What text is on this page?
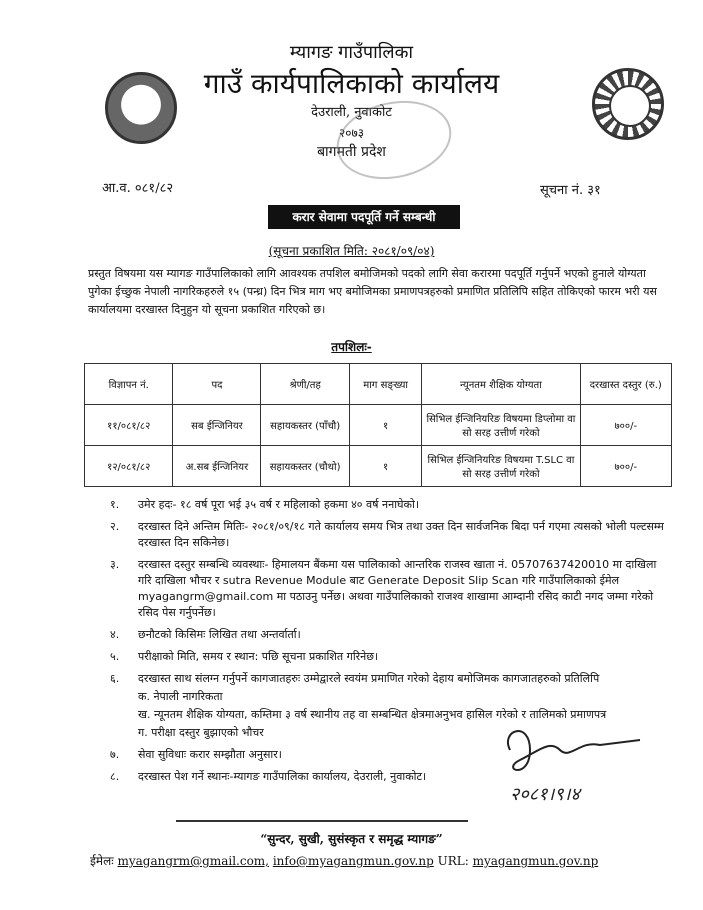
म्यागङ गाउँपालिका
गाउँ कार्यपालिकाको कार्यालय
देउराली, नुवाकोट
२०७३
बागमती प्रदेश
आ.व. ०८१/८२	सूचना नं. ३१
करार सेवामा पदपूर्ति गर्ने सम्बन्धी
(सूचना प्रकाशित मिति: २०८१/०९/०४)
प्रस्तुत विषयमा यस म्यागङ गाउँपालिकाको लागि आवश्यक तपशिल बमोजिमको पदको लागि सेवा करारमा पदपूर्ति गर्नुपर्ने भएको हुनाले योग्यता पुगेका ईच्छुक नेपाली नागरिकहरुले १५ (पन्ध्र) दिन भित्र माग भए बमोजिमका प्रमाणपत्रहरुको प्रमाणित प्रतिलिपि सहित तोकिएको फारम भरी यस कार्यालयमा दरखास्त दिनुहुन यो सूचना प्रकाशित गरिएको छ।
तपशिलः-
विज्ञापन नं.	पद	श्रेणी/तह	माग सङ्ख्या	न्यूनतम शैक्षिक योग्यता	दरखास्त दस्तुर (रु.)
११/०८१/८२	सब ईन्जिनियर	सहायकस्तर (पाँचौ)	१	सिभिल ईन्जिनियरिङ विषयमा डिप्लोमा वा सो सरह उत्तीर्ण गरेको	७००/-
१२/०८१/८२	अ.सब ईन्जिनियर	सहायकस्तर (चौथो)	१	सिभिल ईन्जिनियरिङ विषयमा T.SLC वा सो सरह उत्तीर्ण गरेको	७००/-
१.	उमेर हदः- १८ वर्ष पूरा भई ३५ वर्ष र महिलाको हकमा ४० वर्ष ननाघेको।
२.	दरखास्त दिने अन्तिम मितिः- २०८१/०९/१८ गते कार्यालय समय भित्र तथा उक्त दिन सार्वजनिक बिदा पर्न गएमा त्यसको भोली पल्टसम्म दरखास्त दिन सकिनेछ।
३.	दरखास्त दस्तुर सम्बन्धि व्यवस्थाः- हिमालयन बैंकमा यस पालिकाको आन्तरिक राजस्व खाता नं. 05707637420010 मा दाखिला गरि दाखिला भौचर र sutra Revenue Module बाट Generate Deposit Slip Scan गरि गाउँपालिकाको ईमेल myagangrm@gmail.com मा पठाउनु पर्नेछ। अथवा गाउँपालिकाको राजश्व शाखामा आम्दानी रसिद काटी नगद जम्मा गरेको रसिद पेस गर्नुपर्नेछ।
४.	छनौटको किसिमः लिखित तथा अन्तर्वार्ता।
५.	परीक्षाको मिति, समय र स्थान: पछि सूचना प्रकाशित गरिनेछ।
६.	दरखास्त साथ संलग्न गर्नुपर्ने कागजातहरुः उम्मेद्वारले स्वयंम प्रमाणित गरेको देहाय बमोजिमक कागजातहरुको प्रतिलिपि
क. नेपाली नागरिकता
ख. न्यूनतम शैक्षिक योग्यता, कम्तिमा ३ वर्ष स्थानीय तह वा सम्बन्धित क्षेत्रमाअनुभव हासिल गरेको र तालिमको प्रमाणपत्र
ग. परीक्षा दस्तुर बुझाएको भौचर
७.	सेवा सुविधाः करार सम्झौता अनुसार।
८.	दरखास्त पेश गर्ने स्थानः-म्यागङ गाउँपालिका कार्यालय, देउराली, नुवाकोट।
२०८१।९।४
“सुन्दर, सुखी, सुसंस्कृत र समृद्ध म्यागङ”
ईमेलः myagangrm@gmail.com, info@myagangmun.gov.np URL: myagangmun.gov.np
